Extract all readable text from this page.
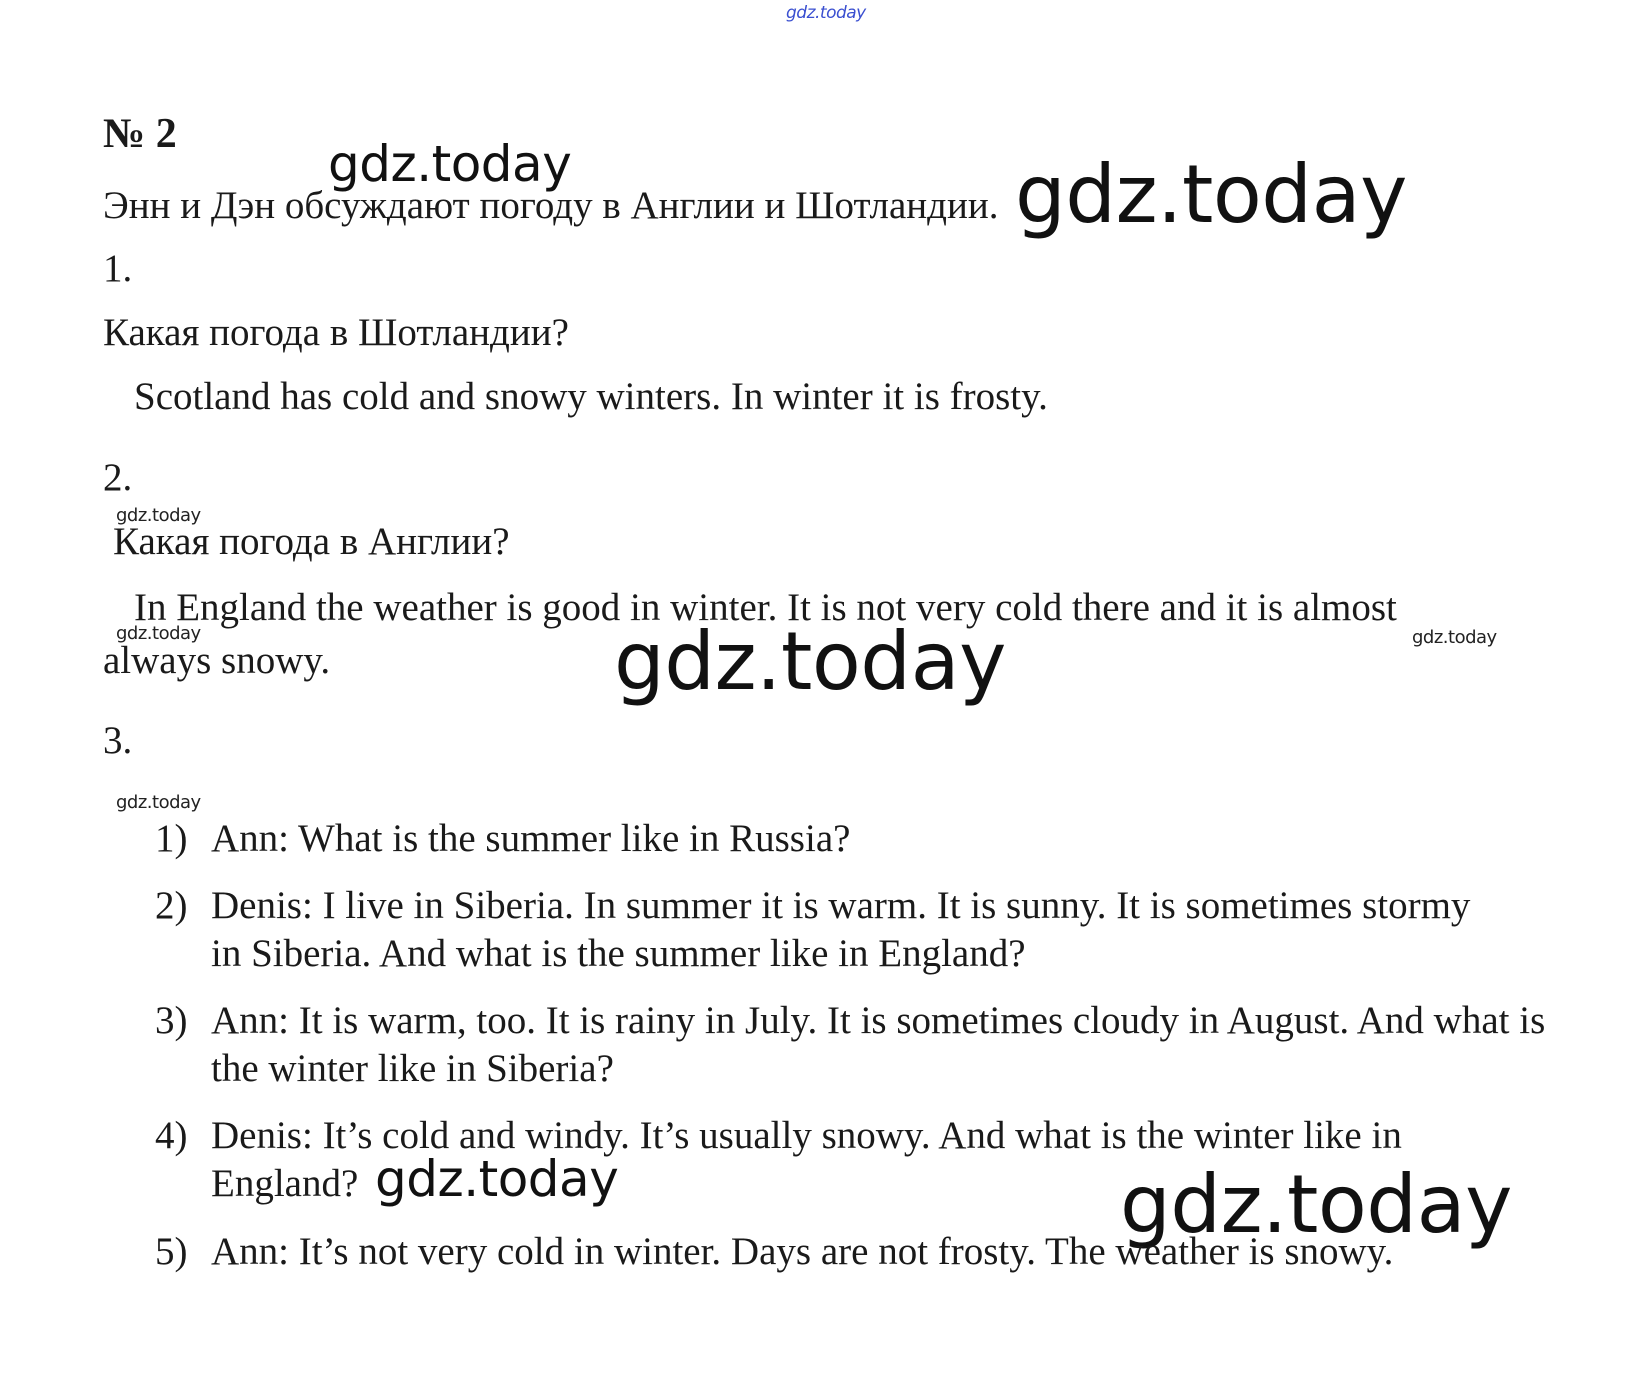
gdz.today
№ 2
gdz.today
Энн и Дэн обсуждают погоду в Англии и Шотландии. gdz.today
1.
Какая погода в Шотландии?
Scotland has cold and snowy winters. In winter it is frosty.
2.
gdz.today
Какая погода в Англии?
In England the weather is good in winter. It is not very cold there and it is almost
gdz.today	gdz.today
always snowy.	gdz.today
3.
gdz.today
1) Ann: What is the summer like in Russia?
2) Denis: I live in Siberia. In summer it is warm. It is sunny. It is sometimes stormy in Siberia. And what is the summer like in England?
3) Ann: It is warm, too. It is rainy in July. It is sometimes cloudy in August. And what is the winter like in Siberia?
4) Denis: It’s cold and windy. It’s usually snowy. And what is the winter like in England? gdz.today	gdz.today
5) Ann: It’s not very cold in winter. Days are not frosty. The weather is snowy.
